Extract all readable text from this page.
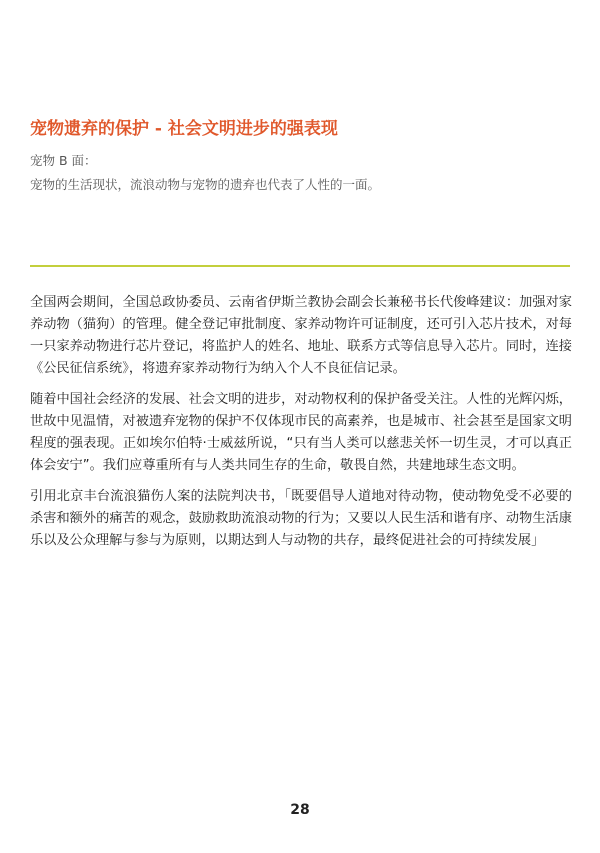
宠物遗弃的保护 - 社会文明进步的强表现
宠物 B 面：
宠物的生活现状，流浪动物与宠物的遗弃也代表了人性的一面。

全国两会期间，全国总政协委员、云南省伊斯兰教协会副会长兼秘书长代俊峰建议：加强对家养动物（猫狗）的管理。健全登记审批制度、家养动物许可证制度，还可引入芯片技术，对每一只家养动物进行芯片登记，将监护人的姓名、地址、联系方式等信息导入芯片。同时，连接《公民征信系统》，将遗弃家养动物行为纳入个人不良征信记录。

随着中国社会经济的发展、社会文明的进步，对动物权利的保护备受关注。人性的光辉闪烁，世故中见温情，对被遗弃宠物的保护不仅体现市民的高素养，也是城市、社会甚至是国家文明程度的强表现。正如埃尔伯特·士威兹所说，“只有当人类可以慈悲关怀一切生灵，才可以真正体会安宁”。我们应尊重所有与人类共同生存的生命，敬畏自然，共建地球生态文明。

引用北京丰台流浪猫伤人案的法院判决书，「既要倡导人道地对待动物，使动物免受不必要的杀害和额外的痛苦的观念，鼓励救助流浪动物的行为；又要以人民生活和谐有序、动物生活康乐以及公众理解与参与为原则，以期达到人与动物的共存，最终促进社会的可持续发展」

28
